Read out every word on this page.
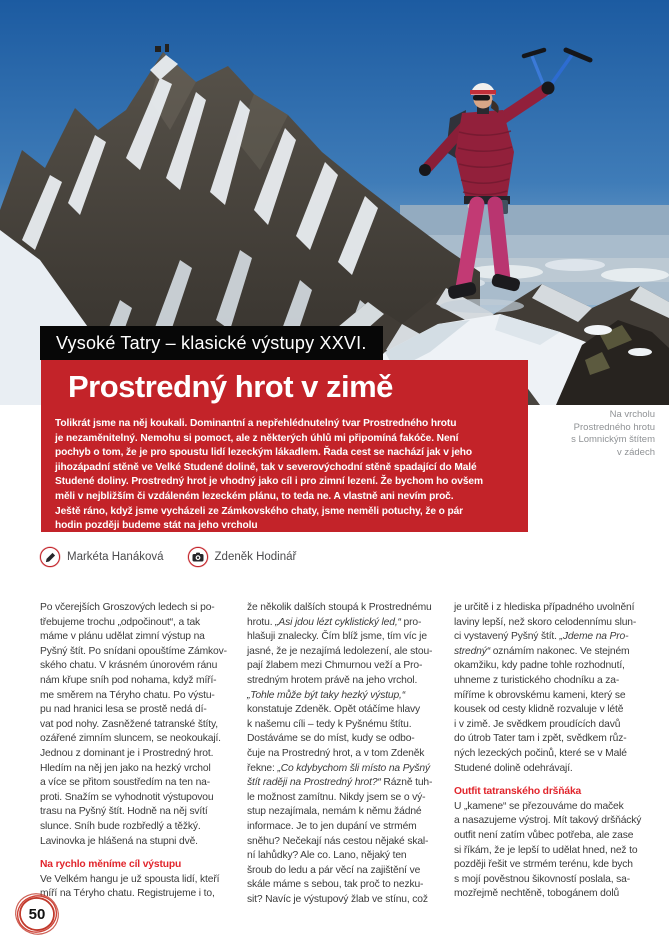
Vysoké Tatry – klasické výstupy XXVI.
Prostredný hrot v zimě
Tolikrát jsme na něj koukali. Dominantní a nepřehlédnutelný tvar Prostredného hrotu
je nezaměnitelný. Nemohu si pomoct, ale z některých úhlů mi připomíná fakóče. Není
pochyb o tom, že je pro spoustu lidí lezeckým lákadlem. Řada cest se nachází jak v jeho
jihozápadní stěně ve Velké Studené dolině, tak v severovýchodní stěně spadající do Malé
Studené doliny. Prostredný hrot je vhodný jako cíl i pro zimní lezení. Že bychom ho ovšem
měli v nejbližším či vzdáleném lezeckém plánu, to teda ne. A vlastně ani nevím proč.
Ještě ráno, když jsme vycházeli ze Zámkovského chaty, jsme neměli potuchy, že o pár
hodin později budeme stát na jeho vrcholu
Na vrcholu
Prostredného hrotu
s Lomnickým štítem
v zádech
Markéta Hanáková	Zdeněk Hodinář
Po včerejších Groszových ledech si po-
třebujeme trochu „odpočinout“, a tak
máme v plánu udělat zimní výstup na
Pyšný štít. Po snídani opouštíme Zámkov-
ského chatu. V krásném únorovém ránu
nám křupe sníh pod nohama, když míří-
me směrem na Téryho chatu. Po výstu-
pu nad hranici lesa se prostě nedá dí-
vat pod nohy. Zasněžené tatranské štíty,
ozářené zimním sluncem, se neokoukají.
Jednou z dominant je i Prostredný hrot.
Hledím na něj jen jako na hezký vrchol
a více se přitom soustředím na ten na-
proti. Snažím se vyhodnotit výstupovou
trasu na Pyšný štít. Hodně na něj svítí
slunce. Sníh bude rozbředlý a těžký.
Lavinovka je hlášená na stupni dvě.
Na rychlo měníme cíl výstupu
Ve Velkém hangu je už spousta lidí, kteří
míří na Téryho chatu. Registrujeme i to,
že několik dalších stoupá k Prostrednému
hrotu. „Asi jdou lézt cyklistický led,“ pro-
hlašuji znalecky. Čím blíž jsme, tím víc je
jasné, že je nezajímá ledolezení, ale stou-
pají žlabem mezi Chmurnou veží a Pro-
stredným hrotem právě na jeho vrchol.
„Tohle může být taky hezký výstup,“
konstatuje Zdeněk. Opět otáčíme hlavy
k našemu cíli – tedy k Pyšnému štítu.
Dostáváme se do míst, kudy se odbo-
čuje na Prostredný hrot, a v tom Zdeněk
řekne: „Co kdybychom šli místo na Pyšný
štít raději na Prostredný hrot?“ Rázně tuh-
le možnost zamítnu. Nikdy jsem se o vý-
stup nezajímala, nemám k němu žádné
informace. Je to jen dupání ve strmém
sněhu? Nečekají nás cestou nějaké skal-
ní lahůdky? Ale co. Lano, nějaký ten
šroub do ledu a pár věcí na zajištění ve
skále máme s sebou, tak proč to nezku-
sit? Navíc je výstupový žlab ve stínu, což
je určitě i z hlediska případného uvolnění
laviny lepší, než skoro celodennímu slun-
ci vystavený Pyšný štít. „Jdeme na Pro-
stredný“ oznámím nakonec. Ve stejném
okamžiku, kdy padne tohle rozhodnutí,
uhneme z turistického chodníku a za-
míříme k obrovskému kameni, který se
kousek od cesty klidně rozvaluje v létě
i v zimě. Je svědkem proudících davů
do útrob Tater tam i zpět, svědkem růz-
ných lezeckých počinů, které se v Malé
Studené dolině odehrávají.
Outfit tatranského dršňáka
U „kamene“ se přezouváme do maček
a nasazujeme výstroj. Mít takový dršňácký
outfit není zatím vůbec potřeba, ale zase
si říkám, že je lepší to udělat hned, než to
později řešit ve strmém terénu, kde bych
s mojí pověstnou šikovností poslala, sa-
mozřejmě nechtěně, tobogánem dolů
50
